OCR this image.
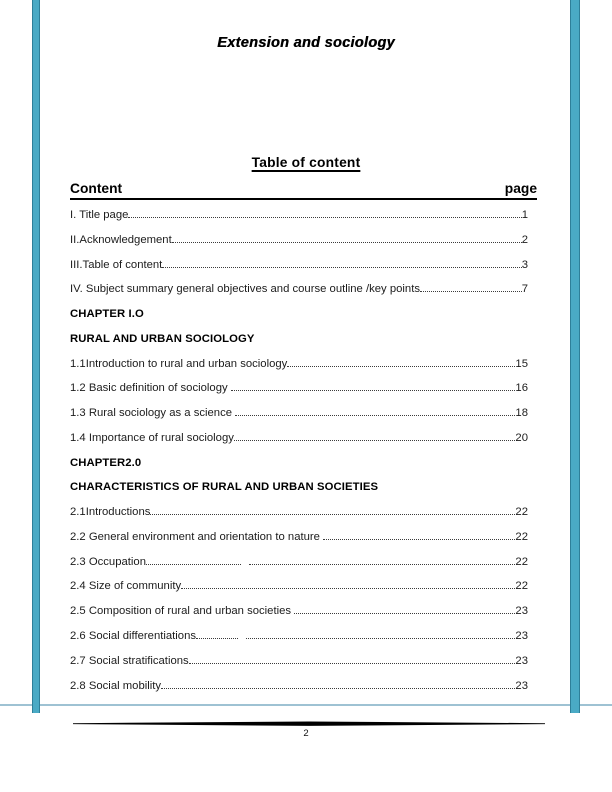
Extension and sociology
Table of content
Content	page
I. Title page	1
II.Acknowledgement	2
III.Table of content	3
IV. Subject summary general objectives and course outline /key points	7
CHAPTER I.O
RURAL AND URBAN SOCIOLOGY
1.1Introduction to rural and urban sociology	15
1.2 Basic definition of sociology	16
1.3 Rural sociology as a science	18
1.4 Importance of rural sociology	20
CHAPTER2.0
CHARACTERISTICS OF RURAL AND URBAN SOCIETIES
2.1Introductions	22
2.2 General environment and orientation to nature	22
2.3 Occupation	22
2.4 Size of community	22
2.5 Composition of rural and urban societies	23
2.6 Social differentiations	23
2.7 Social stratifications	23
2.8 Social mobility	23
2
